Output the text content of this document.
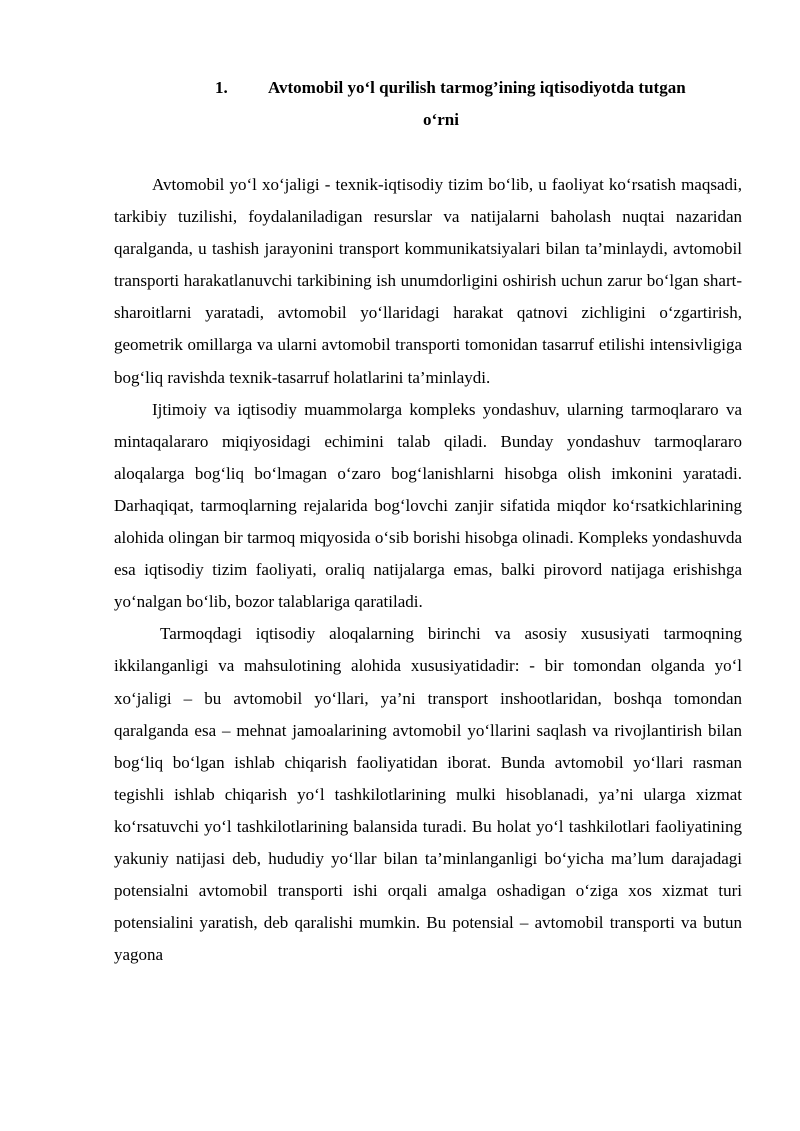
1. Avtomobil yo‘l qurilish tarmog’ining iqtisodiyotda tutgan
o‘rni

Avtomobil yo‘l xo‘jaligi - texnik-iqtisodiy tizim bo‘lib, u faoliyat ko‘rsatish maqsadi, tarkibiy tuzilishi, foydalaniladigan resurslar va natijalarni baholash nuqtai nazaridan qaralganda, u tashish jarayonini transport kommunikatsiyalari bilan ta’minlaydi, avtomobil transporti harakatlanuvchi tarkibining ish unumdorligini oshirish uchun zarur bo‘lgan shart-sharoitlarni yaratadi, avtomobil yo‘llaridagi harakat qatnovi zichligini o‘zgartirish, geometrik omillarga va ularni avtomobil transporti tomonidan tasarruf etilishi intensivligiga bog‘liq ravishda texnik-tasarruf holatlarini ta’minlaydi.

Ijtimoiy va iqtisodiy muammolarga kompleks yondashuv, ularning tarmoqlararo va mintaqalararo miqiyosidagi echimini talab qiladi. Bunday yondashuv tarmoqlararo aloqalarga bog‘liq bo‘lmagan o‘zaro bog‘lanishlarni hisobga olish imkonini yaratadi. Darhaqiqat, tarmoqlarning rejalarida bog‘lovchi zanjir sifatida miqdor ko‘rsatkichlarining alohida olingan bir tarmoq miqyosida o‘sib borishi hisobga olinadi. Kompleks yondashuvda esa iqtisodiy tizim faoliyati, oraliq natijalarga emas, balki pirovord natijaga erishishga yo‘nalgan bo‘lib, bozor talablariga qaratiladi.

Tarmoqdagi iqtisodiy aloqalarning birinchi va asosiy xususiyati tarmoqning ikkilanganligi va mahsulotining alohida xususiyatidadir: - bir tomondan olganda yo‘l xo‘jaligi – bu avtomobil yo‘llari, ya’ni transport inshootlaridan, boshqa tomondan qaralganda esa – mehnat jamoalarining avtomobil yo‘llarini saqlash va rivojlantirish bilan bog‘liq bo‘lgan ishlab chiqarish faoliyatidan iborat. Bunda avtomobil yo‘llari rasman tegishli ishlab chiqarish yo‘l tashkilotlarining mulki hisoblanadi, ya’ni ularga xizmat ko‘rsatuvchi yo‘l tashkilotlarining balansida turadi. Bu holat yo‘l tashkilotlari faoliyatining yakuniy natijasi deb, hududiy yo‘llar bilan ta’minlanganligi bo‘yicha ma’lum darajadagi potensialni avtomobil transporti ishi orqali amalga oshadigan o‘ziga xos xizmat turi potensialini yaratish, deb qaralishi mumkin. Bu potensial – avtomobil transporti va butun yagona
